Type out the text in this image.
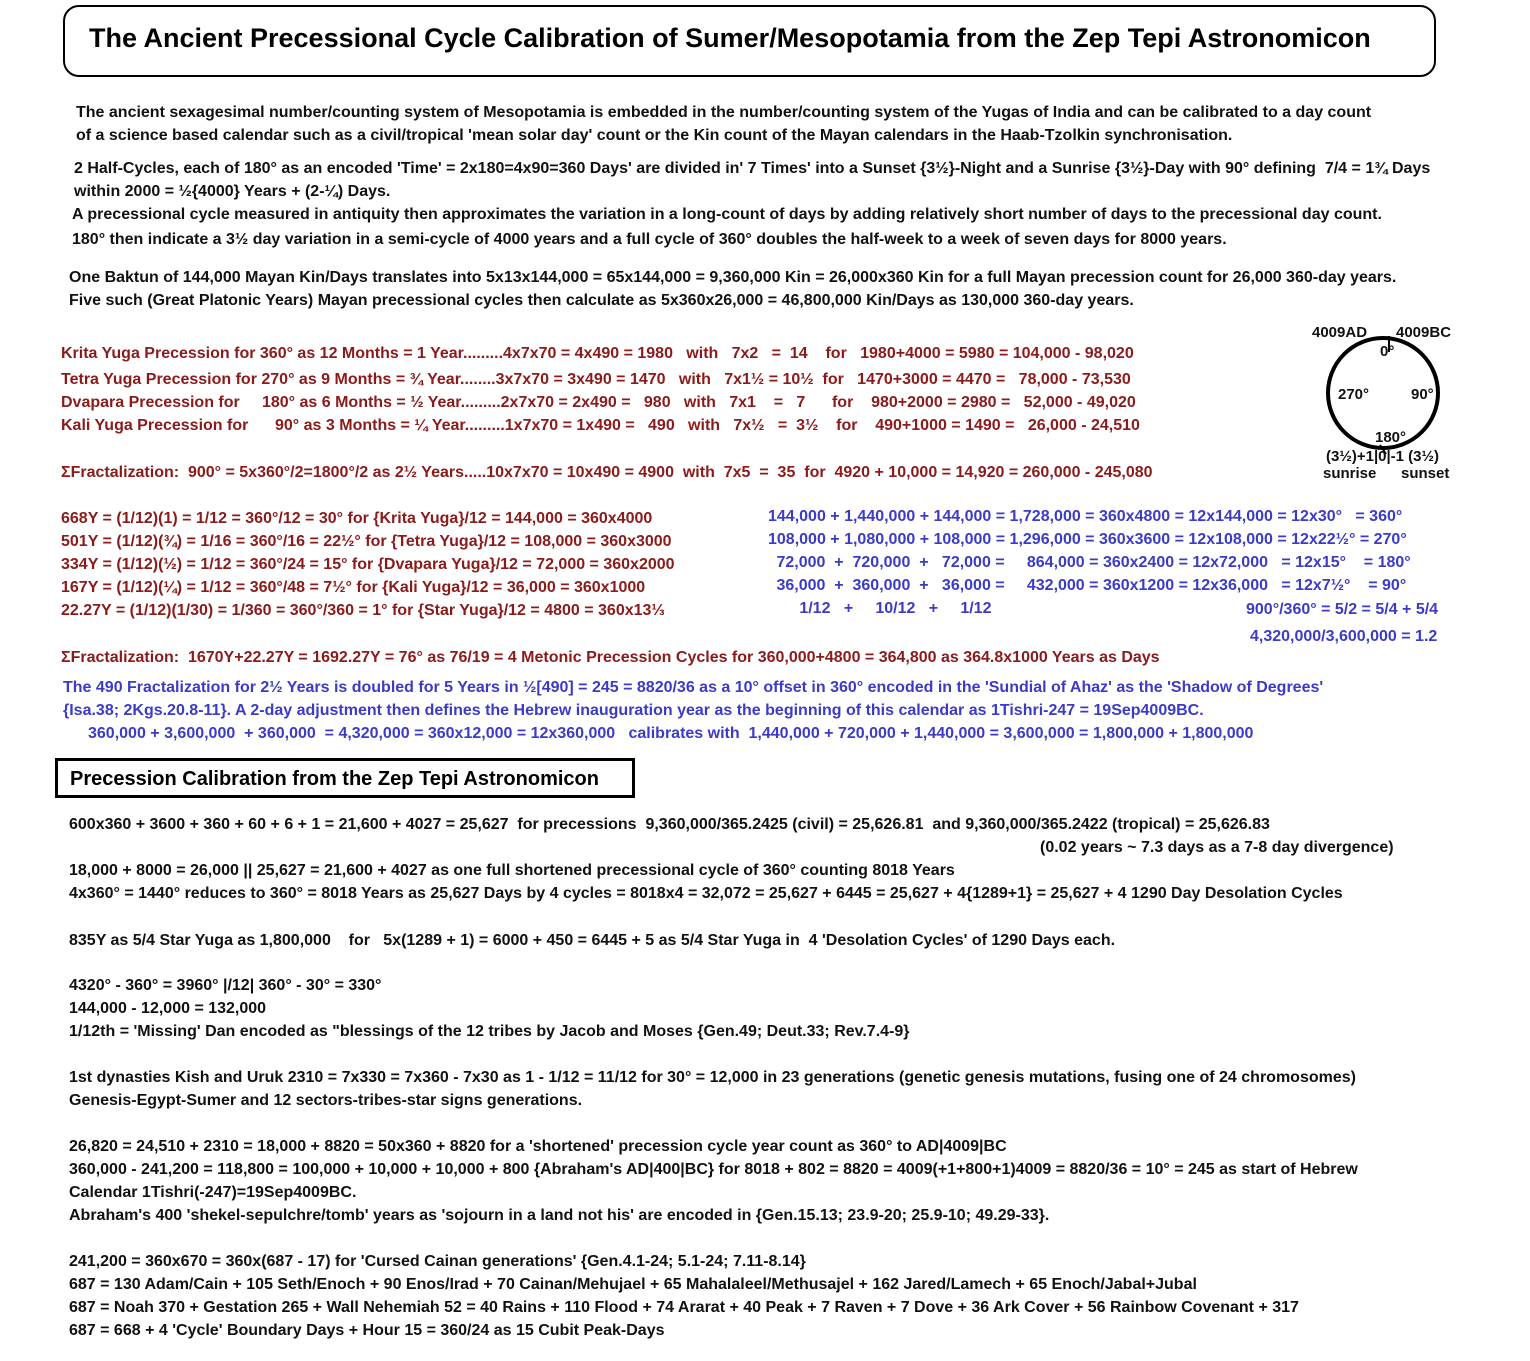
The Ancient Precessional Cycle Calibration of Sumer/Mesopotamia from the Zep Tepi Astronomicon
The ancient sexagesimal number/counting system of Mesopotamia is embedded in the number/counting system of the Yugas of India and can be calibrated to a day count
of a science based calendar such as a civil/tropical 'mean solar day' count or the Kin count of the Mayan calendars in the Haab-Tzolkin synchronisation.
2 Half-Cycles, each of 180° as an encoded 'Time' = 2x180=4x90=360 Days' are divided in' 7 Times' into a Sunset {3½}-Night and a Sunrise {3½}-Day with 90° defining  7/4 = 1¾ Days
within 2000 = ½{4000} Years + (2-¼) Days.
A precessional cycle measured in antiquity then approximates the variation in a long-count of days by adding relatively short number of days to the precessional day count.
180° then indicate a 3½ day variation in a semi-cycle of 4000 years and a full cycle of 360° doubles the half-week to a week of seven days for 8000 years.
One Baktun of 144,000 Mayan Kin/Days translates into 5x13x144,000 = 65x144,000 = 9,360,000 Kin = 26,000x360 Kin for a full Mayan precession count for 26,000 360-day years.
Five such (Great Platonic Years) Mayan precessional cycles then calculate as 5x360x26,000 = 46,800,000 Kin/Days as 130,000 360-day years.
Krita Yuga Precession for 360° as 12 Months = 1 Year.........4x7x70 = 4x490 = 1980   with   7x2   =  14    for   1980+4000 = 5980 = 104,000 - 98,020
Tetra Yuga Precession for 270° as 9 Months = ¾ Year........3x7x70 = 3x490 = 1470   with   7x1½ = 10½  for   1470+3000 = 4470 =   78,000 - 73,530
Dvapara Precession for     180° as 6 Months = ½ Year.........2x7x70 = 2x490 =   980   with   7x1    =   7      for    980+2000 = 2980 =   52,000 - 49,020
Kali Yuga Precession for      90° as 3 Months = ¼ Year.........1x7x70 = 1x490 =   490   with   7x½   =  3½    for    490+1000 = 1490 =   26,000 - 24,510
ΣFractalization:  900° = 5x360°/2=1800°/2 as 2½ Years.....10x7x70 = 10x490 = 4900  with  7x5  =  35  for  4920 + 10,000 = 14,920 = 260,000 - 245,080
4009AD 4009BC
0°
270°	90°
180°
(3½)+1|0|-1 (3½)
sunrise sunset
668Y = (1/12)(1) = 1/12 = 360°/12 = 30° for {Krita Yuga}/12 = 144,000 = 360x4000
501Y = (1/12)(¾) = 1/16 = 360°/16 = 22½° for {Tetra Yuga}/12 = 108,000 = 360x3000
334Y = (1/12)(½) = 1/12 = 360°/24 = 15° for {Dvapara Yuga}/12 = 72,000 = 360x2000
167Y = (1/12)(¼) = 1/12 = 360°/48 = 7½° for {Kali Yuga}/12 = 36,000 = 360x1000
22.27Y = (1/12)(1/30) = 1/360 = 360°/360 = 1° for {Star Yuga}/12 = 4800 = 360x13⅓
144,000 + 1,440,000 + 144,000 = 1,728,000 = 360x4800 = 12x144,000 = 12x30°   = 360°
108,000 + 1,080,000 + 108,000 = 1,296,000 = 360x3600 = 12x108,000 = 12x22½° = 270°
72,000  +  720,000  +   72,000 =     864,000 = 360x2400 = 12x72,000   = 12x15°    = 180°
36,000  +  360,000  +   36,000 =     432,000 = 360x1200 = 12x36,000   = 12x7½°    = 90°
1/12   +     10/12   +     1/12	900°/360° = 5/2 = 5/4 + 5/4
4,320,000/3,600,000 = 1.2
ΣFractalization:  1670Y+22.27Y = 1692.27Y = 76° as 76/19 = 4 Metonic Precession Cycles for 360,000+4800 = 364,800 as 364.8x1000 Years as Days
The 490 Fractalization for 2½ Years is doubled for 5 Years in ½[490] = 245 = 8820/36 as a 10° offset in 360° encoded in the 'Sundial of Ahaz' as the 'Shadow of Degrees'
{Isa.38; 2Kgs.20.8-11}. A 2-day adjustment then defines the Hebrew inauguration year as the beginning of this calendar as 1Tishri-247 = 19Sep4009BC.
360,000 + 3,600,000  + 360,000  = 4,320,000 = 360x12,000 = 12x360,000   calibrates with  1,440,000 + 720,000 + 1,440,000 = 3,600,000 = 1,800,000 + 1,800,000
Precession Calibration from the Zep Tepi Astronomicon
600x360 + 3600 + 360 + 60 + 6 + 1 = 21,600 + 4027 = 25,627  for precessions  9,360,000/365.2425 (civil) = 25,626.81  and 9,360,000/365.2422 (tropical) = 25,626.83
(0.02 years ~ 7.3 days as a 7-8 day divergence)
18,000 + 8000 = 26,000 || 25,627 = 21,600 + 4027 as one full shortened precessional cycle of 360° counting 8018 Years
4x360° = 1440° reduces to 360° = 8018 Years as 25,627 Days by 4 cycles = 8018x4 = 32,072 = 25,627 + 6445 = 25,627 + 4{1289+1} = 25,627 + 4 1290 Day Desolation Cycles
835Y as 5/4 Star Yuga as 1,800,000    for   5x(1289 + 1) = 6000 + 450 = 6445 + 5 as 5/4 Star Yuga in  4 'Desolation Cycles' of 1290 Days each.
4320° - 360° = 3960° |/12| 360° - 30° = 330°
144,000 - 12,000 = 132,000
1/12th = 'Missing' Dan encoded as "blessings of the 12 tribes by Jacob and Moses {Gen.49; Deut.33; Rev.7.4-9}
1st dynasties Kish and Uruk 2310 = 7x330 = 7x360 - 7x30 as 1 - 1/12 = 11/12 for 30° = 12,000 in 23 generations (genetic genesis mutations, fusing one of 24 chromosomes)
Genesis-Egypt-Sumer and 12 sectors-tribes-star signs generations.
26,820 = 24,510 + 2310 = 18,000 + 8820 = 50x360 + 8820 for a 'shortened' precession cycle year count as 360° to AD|4009|BC
360,000 - 241,200 = 118,800 = 100,000 + 10,000 + 10,000 + 800 {Abraham's AD|400|BC} for 8018 + 802 = 8820 = 4009(+1+800+1)4009 = 8820/36 = 10° = 245 as start of Hebrew
Calendar 1Tishri(-247)=19Sep4009BC.
Abraham's 400 'shekel-sepulchre/tomb' years as 'sojourn in a land not his' are encoded in {Gen.15.13; 23.9-20; 25.9-10; 49.29-33}.
241,200 = 360x670 = 360x(687 - 17) for 'Cursed Cainan generations' {Gen.4.1-24; 5.1-24; 7.11-8.14}
687 = 130 Adam/Cain + 105 Seth/Enoch + 90 Enos/Irad + 70 Cainan/Mehujael + 65 Mahalaleel/Methusajel + 162 Jared/Lamech + 65 Enoch/Jabal+Jubal
687 = Noah 370 + Gestation 265 + Wall Nehemiah 52 = 40 Rains + 110 Flood + 74 Ararat + 40 Peak + 7 Raven + 7 Dove + 36 Ark Cover + 56 Rainbow Covenant + 317
687 = 668 + 4 'Cycle' Boundary Days + Hour 15 = 360/24 as 15 Cubit Peak-Days
